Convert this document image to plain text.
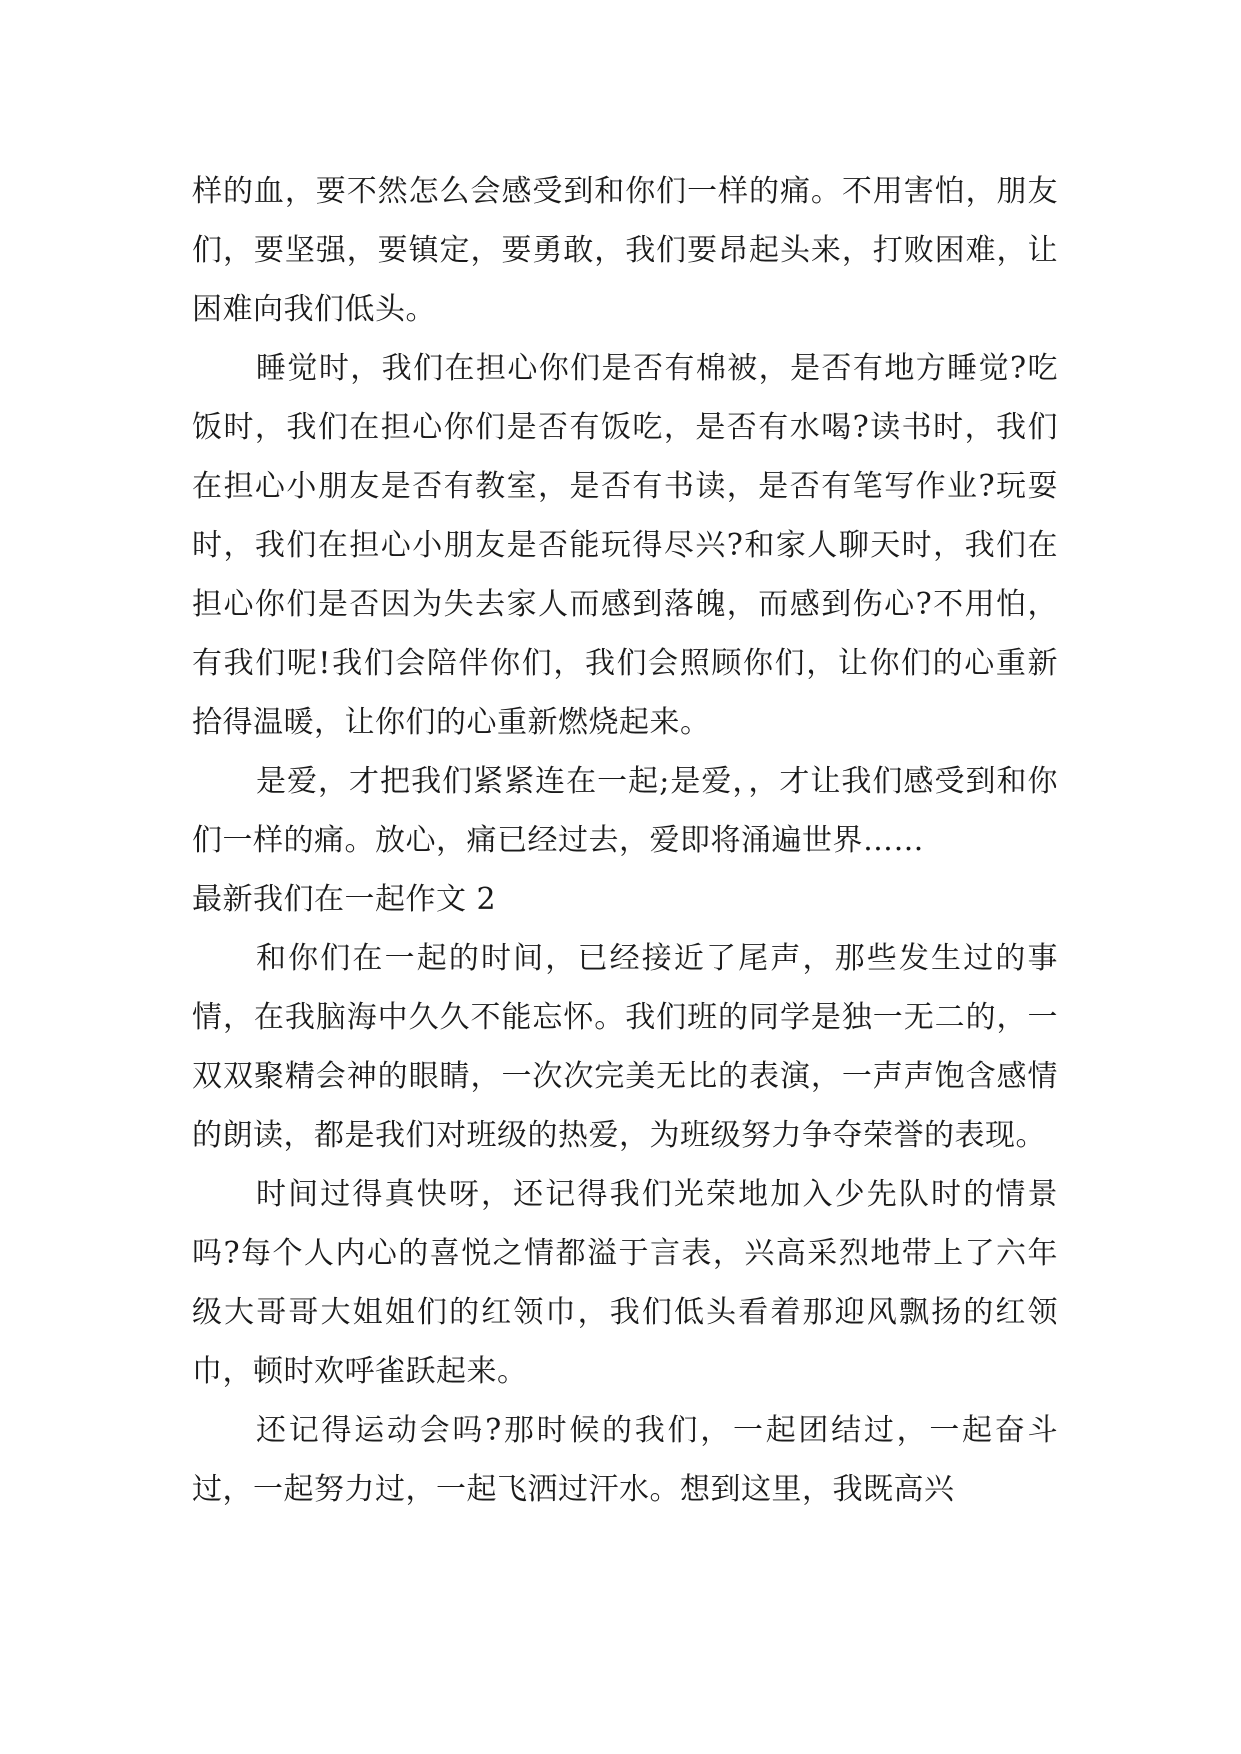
样的血，要不然怎么会感受到和你们一样的痛。不用害怕，朋友们，要坚强，要镇定，要勇敢，我们要昂起头来，打败困难，让困难向我们低头。

睡觉时，我们在担心你们是否有棉被，是否有地方睡觉?吃饭时，我们在担心你们是否有饭吃，是否有水喝?读书时，我们在担心小朋友是否有教室，是否有书读，是否有笔写作业?玩耍时，我们在担心小朋友是否能玩得尽兴?和家人聊天时，我们在担心你们是否因为失去家人而感到落魄，而感到伤心?不用怕，有我们呢!我们会陪伴你们，我们会照顾你们，让你们的心重新拾得温暖，让你们的心重新燃烧起来。

是爱，才把我们紧紧连在一起;是爱，，才让我们感受到和你们一样的痛。放心，痛已经过去，爱即将涌遍世界……

最新我们在一起作文 2

和你们在一起的时间，已经接近了尾声，那些发生过的事情，在我脑海中久久不能忘怀。我们班的同学是独一无二的，一双双聚精会神的眼睛，一次次完美无比的表演，一声声饱含感情的朗读，都是我们对班级的热爱，为班级努力争夺荣誉的表现。

时间过得真快呀，还记得我们光荣地加入少先队时的情景吗?每个人内心的喜悦之情都溢于言表，兴高采烈地带上了六年级大哥哥大姐姐们的红领巾，我们低头看着那迎风飘扬的红领巾，顿时欢呼雀跃起来。

还记得运动会吗?那时候的我们，一起团结过，一起奋斗过，一起努力过，一起飞洒过汗水。想到这里，我既高兴
